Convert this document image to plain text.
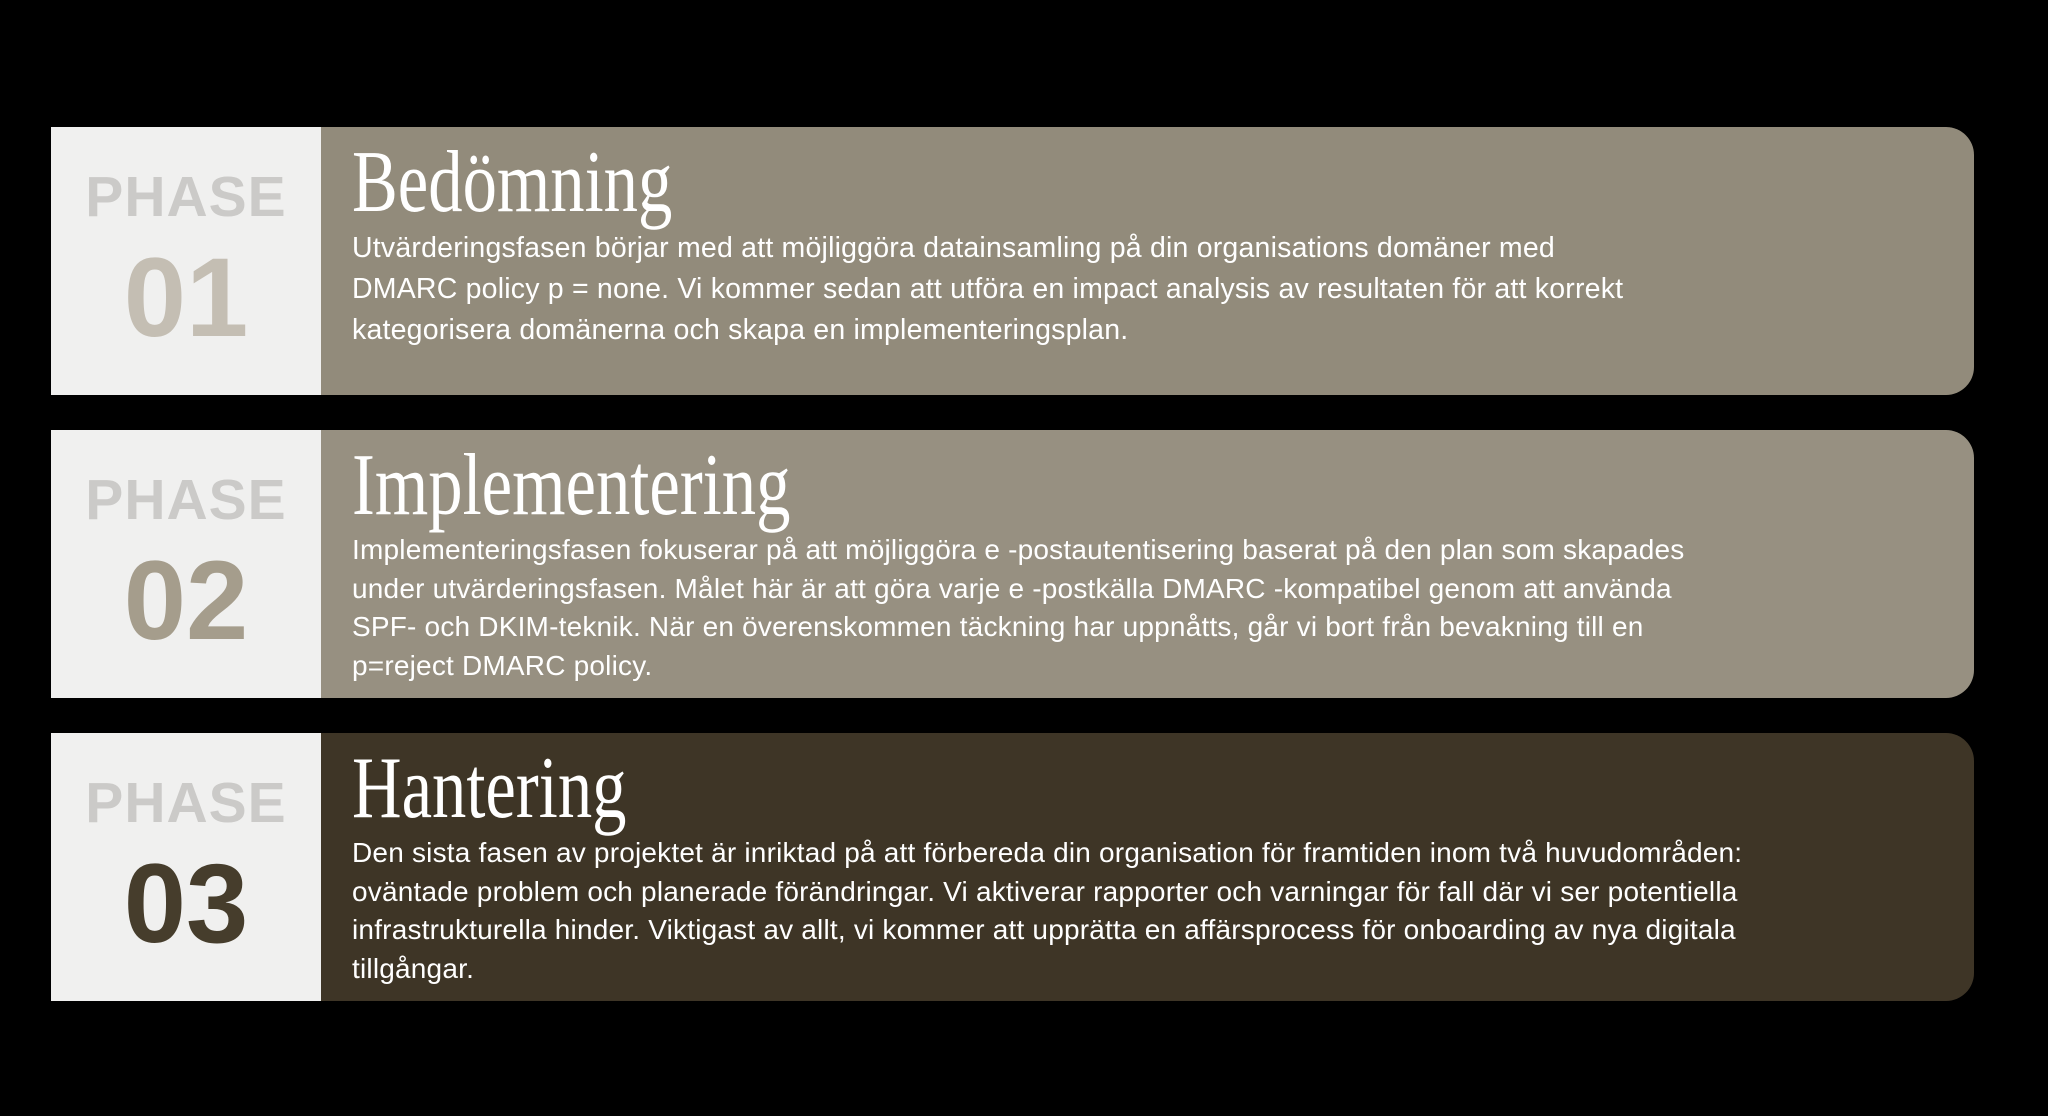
PHASE
01
Bedömning

Utvärderingsfasen börjar med att möjliggöra datainsamling på din organisations domäner med

DMARC policy p = none. Vi kommer sedan att utföra en impact analysis av resultaten för att korrekt

kategorisera domänerna och skapa en implementeringsplan.

PHASE
02
Implementering

Implementeringsfasen fokuserar på att möjliggöra e -postautentisering baserat på den plan som skapades

under utvärderingsfasen. Målet här är att göra varje e -postkälla DMARC -kompatibel genom att använda

SPF- och DKIM-teknik. När en överenskommen täckning har uppnåtts, går vi bort från bevakning till en

p=reject DMARC policy.

PHASE
03
Hantering

Den sista fasen av projektet är inriktad på att förbereda din organisation för framtiden inom två huvudområden:

oväntade problem och planerade förändringar. Vi aktiverar rapporter och varningar för fall där vi ser potentiella

infrastrukturella hinder. Viktigast av allt, vi kommer att upprätta en affärsprocess för onboarding av nya digitala

tillgångar.
